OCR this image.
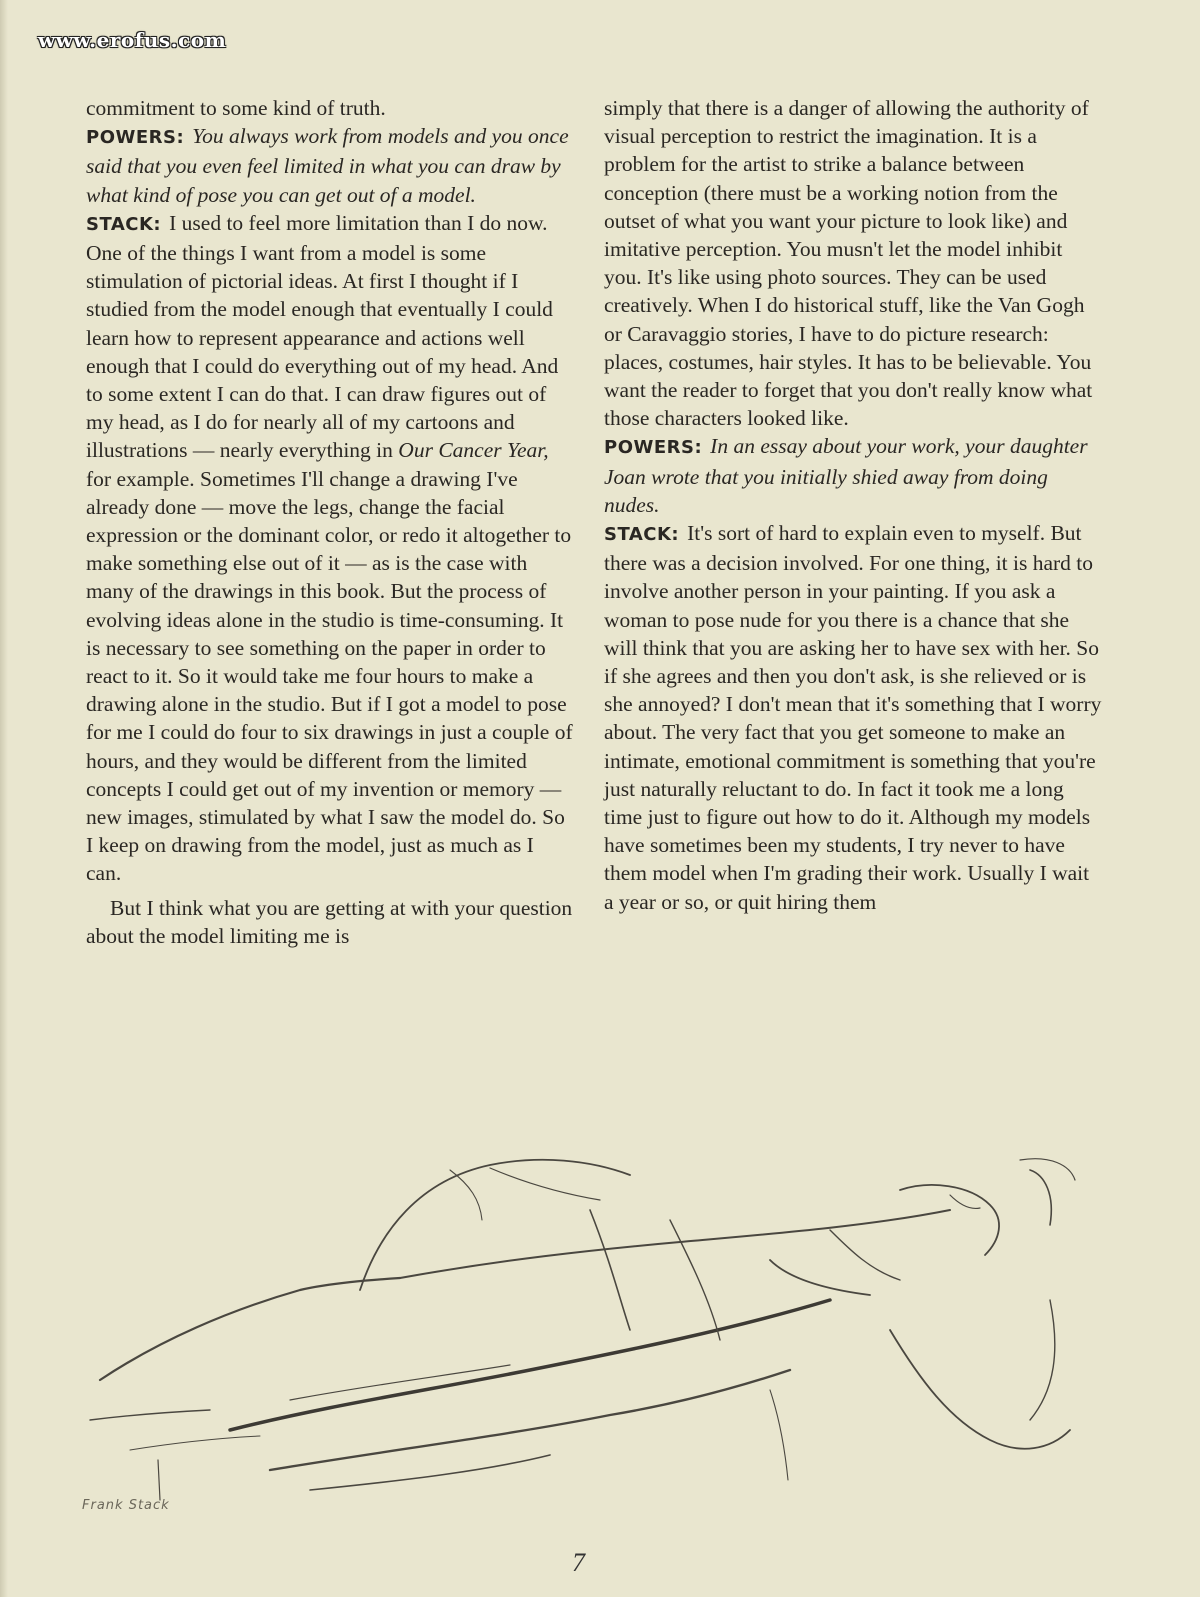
www.erofus.com

commitment to some kind of truth.

POWERS: You always work from models and you once said that you even feel limited in what you can draw by what kind of pose you can get out of a model.

STACK: I used to feel more limitation than I do now. One of the things I want from a model is some stimulation of pictorial ideas. At first I thought if I studied from the model enough that eventually I could learn how to represent appearance and actions well enough that I could do everything out of my head. And to some extent I can do that. I can draw figures out of my head, as I do for nearly all of my cartoons and illustrations — nearly everything in Our Cancer Year, for example. Sometimes I'll change a drawing I've already done — move the legs, change the facial expression or the dominant color, or redo it altogether to make something else out of it — as is the case with many of the drawings in this book. But the process of evolving ideas alone in the studio is time-consuming. It is necessary to see something on the paper in order to react to it. So it would take me four hours to make a drawing alone in the studio. But if I got a model to pose for me I could do four to six drawings in just a couple of hours, and they would be different from the limited concepts I could get out of my invention or memory — new images, stimulated by what I saw the model do. So I keep on drawing from the model, just as much as I can.

But I think what you are getting at with your question about the model limiting me is

simply that there is a danger of allowing the authority of visual perception to restrict the imagination. It is a problem for the artist to strike a balance between conception (there must be a working notion from the outset of what you want your picture to look like) and imitative perception. You musn't let the model inhibit you. It's like using photo sources. They can be used creatively. When I do historical stuff, like the Van Gogh or Caravaggio stories, I have to do picture research: places, costumes, hair styles. It has to be believable. You want the reader to forget that you don't really know what those characters looked like.

POWERS: In an essay about your work, your daughter Joan wrote that you initially shied away from doing nudes.

STACK: It's sort of hard to explain even to myself. But there was a decision involved. For one thing, it is hard to involve another person in your painting. If you ask a woman to pose nude for you there is a chance that she will think that you are asking her to have sex with her. So if she agrees and then you don't ask, is she relieved or is she annoyed? I don't mean that it's something that I worry about. The very fact that you get someone to make an intimate, emotional commitment is something that you're just naturally reluctant to do. In fact it took me a long time just to figure out how to do it. Although my models have sometimes been my students, I try never to have them model when I'm grading their work. Usually I wait a year or so, or quit hiring them

Frank Stack
7
